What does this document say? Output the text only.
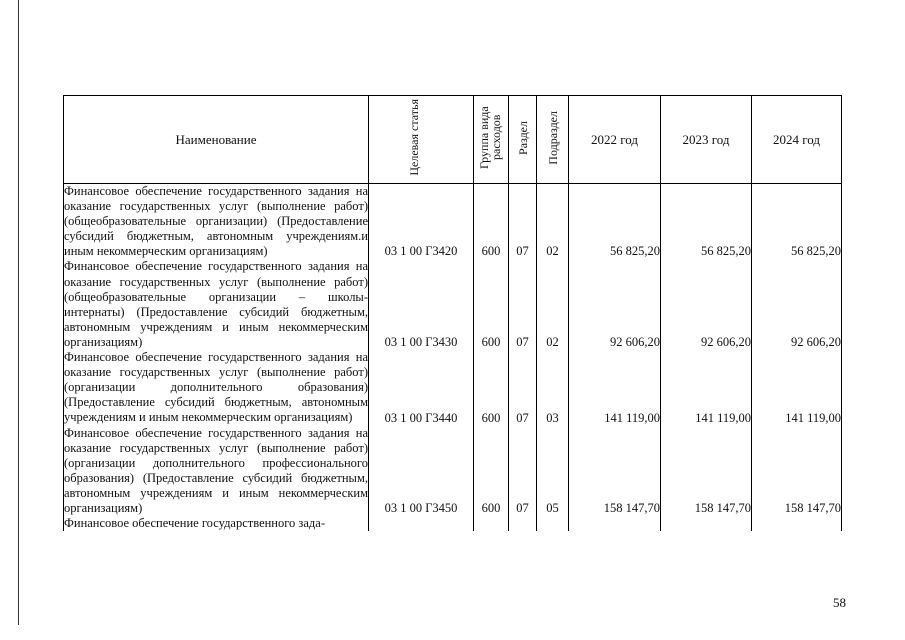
Наименование	Целевая статья	Группа вида расходов	Раздел	Подраздел	2022 год	2023 год	2024 год
Финансовое обеспечение государственного задания на оказание государственных услуг (выполнение работ) (общеобразовательные организации) (Предоставление субсидий бюджетным, автономным учреждениям.и иным некоммерческим организациям)	03 1 00 Г3420	600	07	02	56 825,20	56 825,20	56 825,20
Финансовое обеспечение государственного задания на оказание государственных услуг (выполнение работ) (общеобразовательные организации – школы-интернаты) (Предоставление субсидий бюджетным, автономным учреждениям и иным некоммерческим организациям)	03 1 00 Г3430	600	07	02	92 606,20	92 606,20	92 606,20
Финансовое обеспечение государственного задания на оказание государственных услуг (выполнение работ) (организации дополнительного образования) (Предоставление субсидий бюджетным, автономным учреждениям и иным некоммерческим организациям)	03 1 00 Г3440	600	07	03	141 119,00	141 119,00	141 119,00
Финансовое обеспечение государственного задания на оказание государственных услуг (выполнение работ) (организации дополнительного профессионального образования) (Предоставление субсидий бюджетным, автономным учреждениям и иным некоммерческим организациям)	03 1 00 Г3450	600	07	05	158 147,70	158 147,70	158 147,70
Финансовое обеспечение государственного зада-							
58
